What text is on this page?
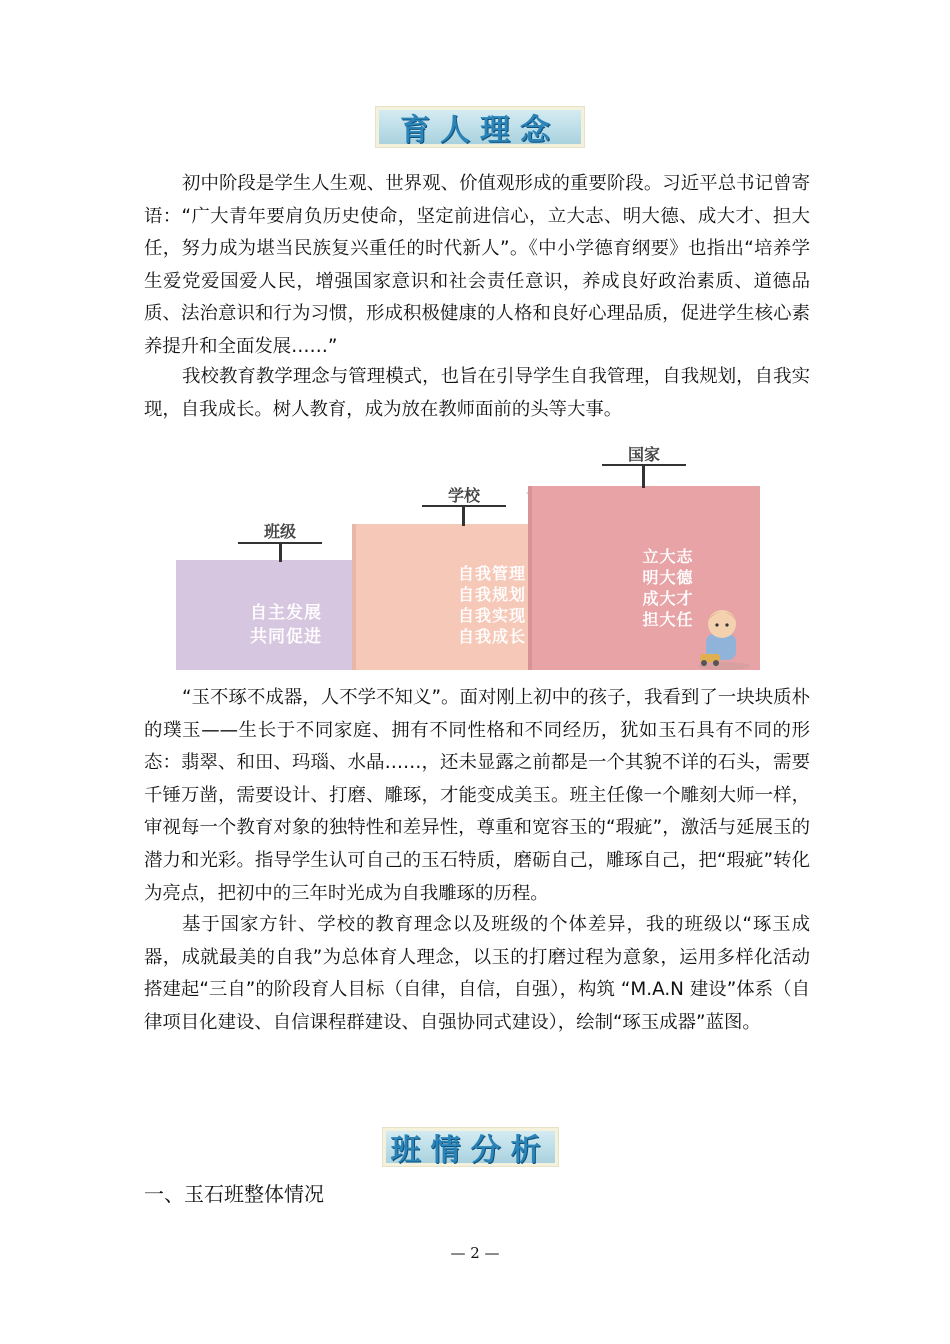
育人理念

初中阶段是学生人生观、世界观、价值观形成的重要阶段。习近平总书记曾寄语：“广大青年要肩负历史使命，坚定前进信心，立大志、明大德、成大才、担大任，努力成为堪当民族复兴重任的时代新人”。《中小学德育纲要》也指出“培养学生爱党爱国爱人民，增强国家意识和社会责任意识，养成良好政治素质、道德品质、法治意识和行为习惯，形成积极健康的人格和良好心理品质，促进学生核心素养提升和全面发展……”

我校教育教学理念与管理模式，也旨在引导学生自我管理，自我规划，自我实现，自我成长。树人教育，成为放在教师面前的头等大事。

班级
学校
国家
自主发展
共同促进
自我管理
自我规划
自我实现
自我成长
立大志
明大德
成大才
担大任

“玉不琢不成器，人不学不知义”。面对刚上初中的孩子，我看到了一块块质朴的璞玉——生长于不同家庭、拥有不同性格和不同经历，犹如玉石具有不同的形态：翡翠、和田、玛瑙、水晶……，还未显露之前都是一个其貌不详的石头，需要千锤万凿，需要设计、打磨、雕琢，才能变成美玉。班主任像一个雕刻大师一样，审视每一个教育对象的独特性和差异性，尊重和宽容玉的“瑕疵”，激活与延展玉的潜力和光彩。指导学生认可自己的玉石特质，磨砺自己，雕琢自己，把“瑕疵”转化为亮点，把初中的三年时光成为自我雕琢的历程。

基于国家方针、学校的教育理念以及班级的个体差异，我的班级以“琢玉成器，成就最美的自我”为总体育人理念，以玉的打磨过程为意象，运用多样化活动搭建起“三自”的阶段育人目标（自律，自信，自强），构筑 “M.A.N 建设”体系（自律项目化建设、自信课程群建设、自强协同式建设），绘制“琢玉成器”蓝图。

班情分析
一、玉石班整体情况
— 2 —
